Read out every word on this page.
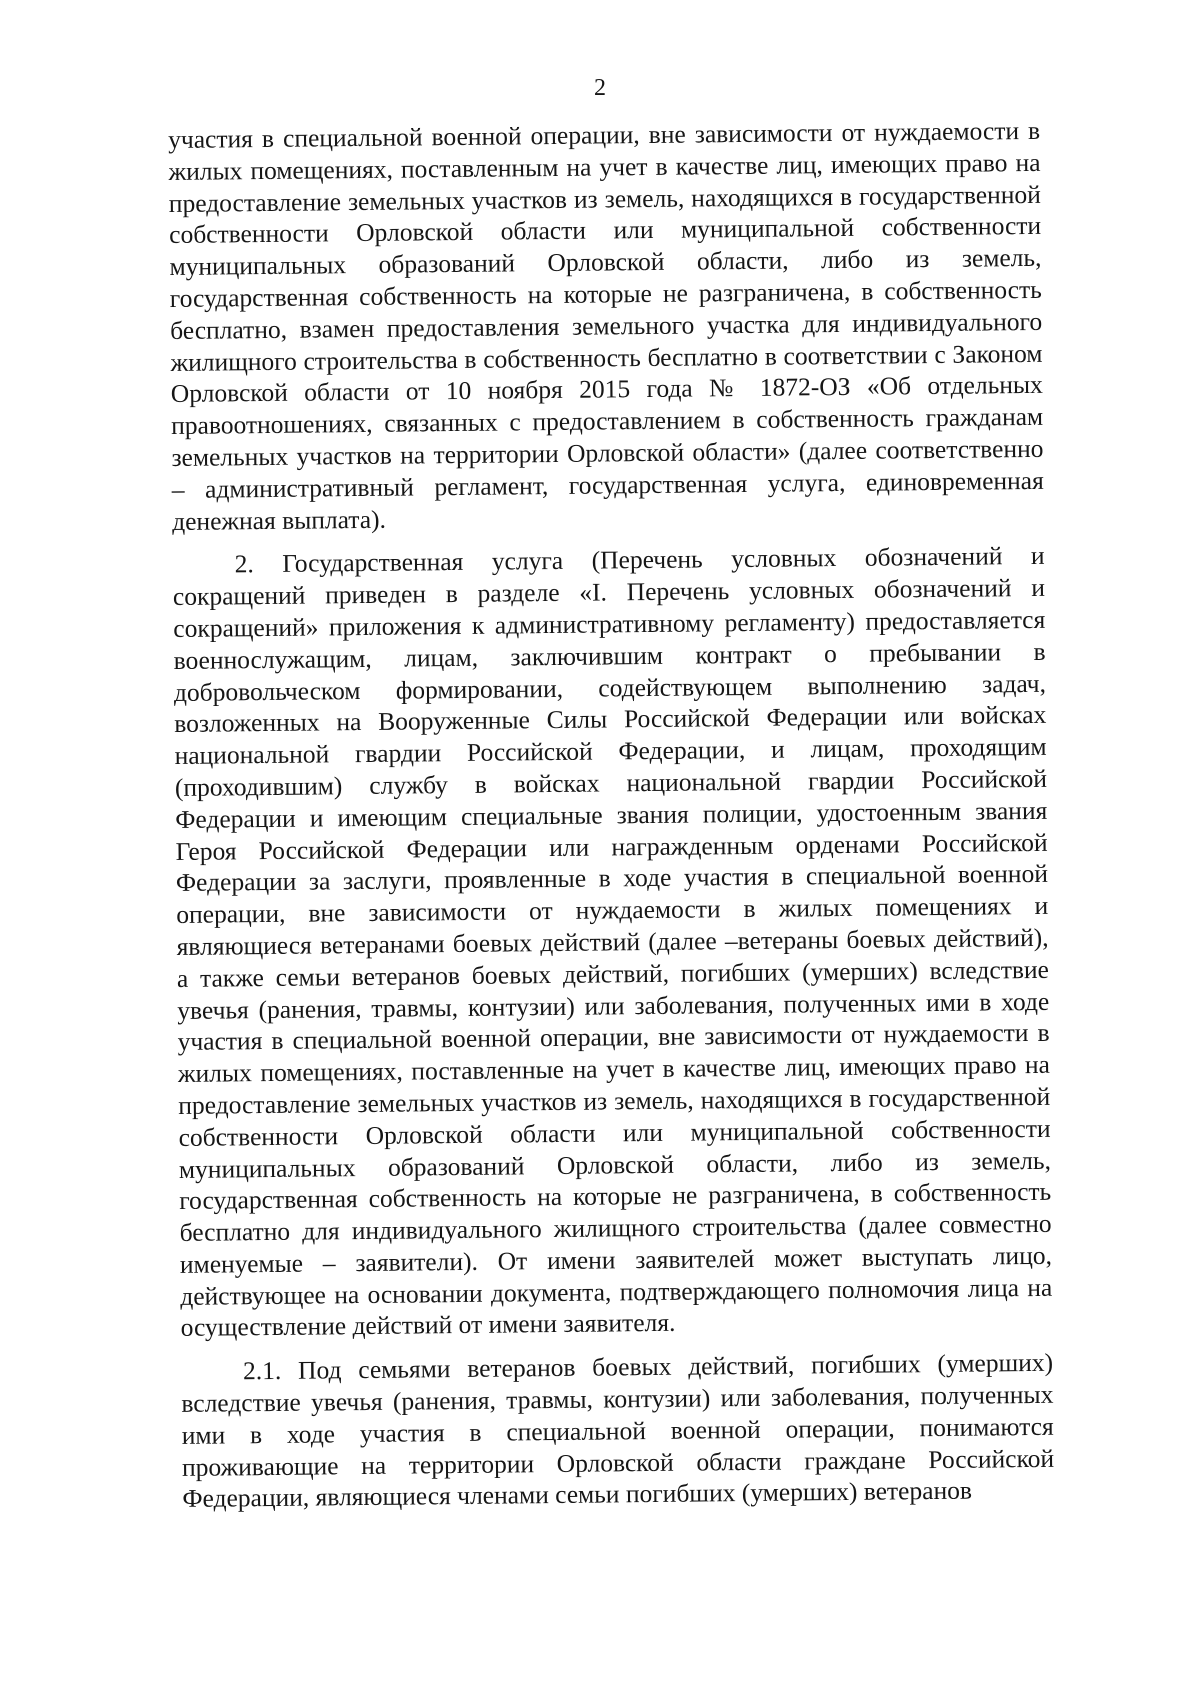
2

участия в специальной военной операции, вне зависимости от нуждаемости в жилых помещениях, поставленным на учет в качестве лиц, имеющих право на предоставление земельных участков из земель, находящихся в государственной собственности Орловской области или муниципальной собственности муниципальных образований Орловской области, либо из земель, государственная собственность на которые не разграничена, в собственность бесплатно, взамен предоставления земельного участка для индивидуального жилищного строительства в собственность бесплатно в соответствии с Законом Орловской области от 10 ноября 2015 года № 1872-ОЗ «Об отдельных правоотношениях, связанных с предоставлением в собственность гражданам земельных участков на территории Орловской области» (далее соответственно – административный регламент, государственная услуга, единовременная денежная выплата).

2. Государственная услуга (Перечень условных обозначений и сокращений приведен в разделе «I. Перечень условных обозначений и сокращений» приложения к административному регламенту) предоставляется военнослужащим, лицам, заключившим контракт о пребывании в добровольческом формировании, содействующем выполнению задач, возложенных на Вооруженные Силы Российской Федерации или войсках национальной гвардии Российской Федерации, и лицам, проходящим (проходившим) службу в войсках национальной гвардии Российской Федерации и имеющим специальные звания полиции, удостоенным звания Героя Российской Федерации или награжденным орденами Российской Федерации за заслуги, проявленные в ходе участия в специальной военной операции, вне зависимости от нуждаемости в жилых помещениях и являющиеся ветеранами боевых действий (далее –ветераны боевых действий), а также семьи ветеранов боевых действий, погибших (умерших) вследствие увечья (ранения, травмы, контузии) или заболевания, полученных ими в ходе участия в специальной военной операции, вне зависимости от нуждаемости в жилых помещениях, поставленные на учет в качестве лиц, имеющих право на предоставление земельных участков из земель, находящихся в государственной собственности Орловской области или муниципальной собственности муниципальных образований Орловской области, либо из земель, государственная собственность на которые не разграничена, в собственность бесплатно для индивидуального жилищного строительства (далее совместно именуемые – заявители). От имени заявителей может выступать лицо, действующее на основании документа, подтверждающего полномочия лица на осуществление действий от имени заявителя.

2.1. Под семьями ветеранов боевых действий, погибших (умерших) вследствие увечья (ранения, травмы, контузии) или заболевания, полученных ими в ходе участия в специальной военной операции, понимаются проживающие на территории Орловской области граждане Российской Федерации, являющиеся членами семьи погибших (умерших) ветеранов
